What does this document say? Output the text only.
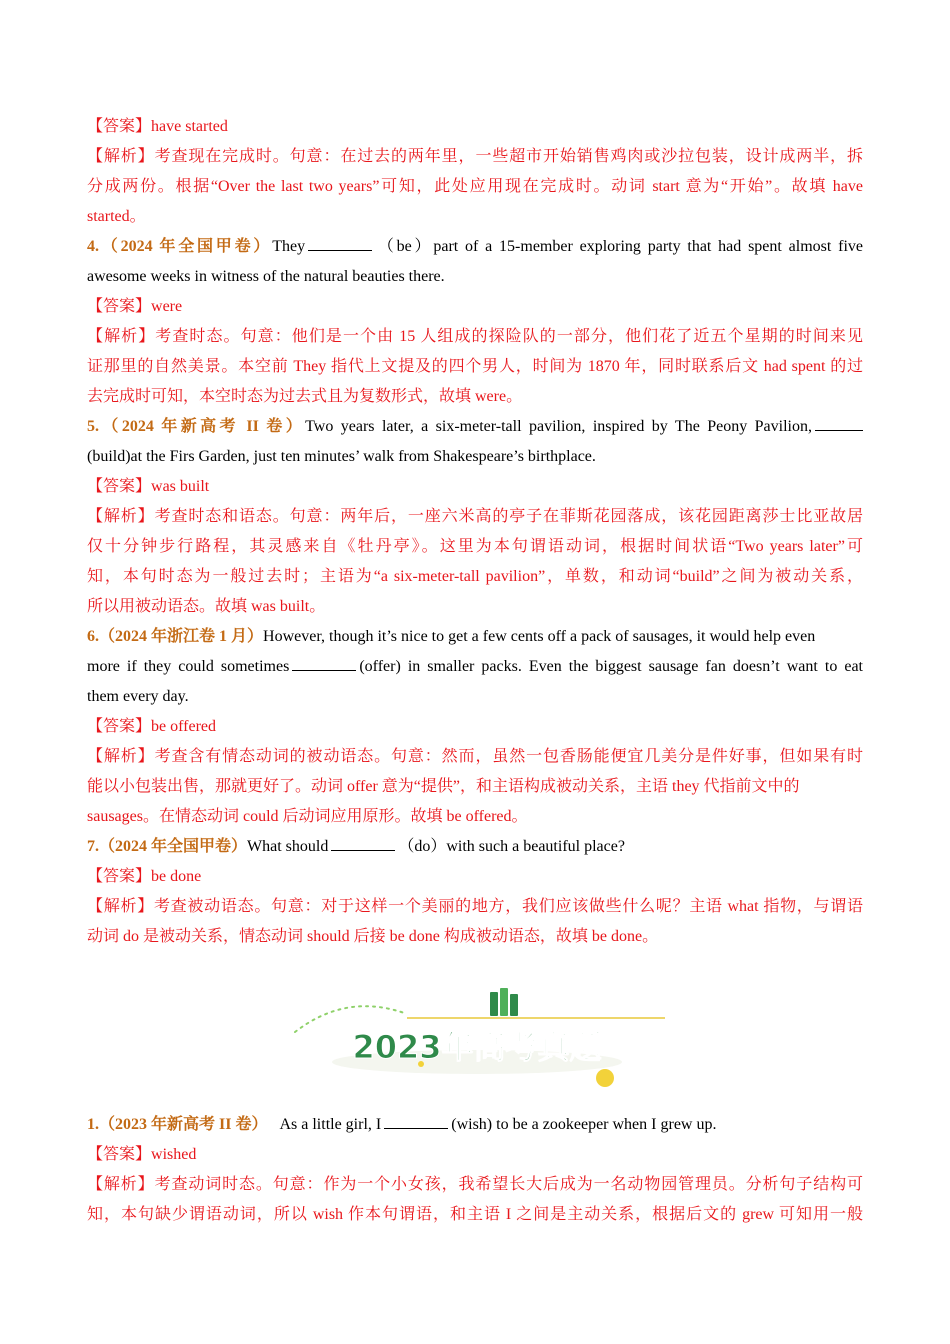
【答案】have started
【解析】考查现在完成时。句意：在过去的两年里，一些超市开始销售鸡肉或沙拉包装，设计成两半，拆
分成两份。根据“Over the last two years”可知，此处应用现在完成时。动词 start 意为“开始”。故填 have
started。
4.（2024 年全国甲卷）They	（be）part of a 15-member exploring party that had spent almost five
awesome weeks in witness of the natural beauties there.
【答案】were
【解析】考查时态。句意：他们是一个由 15 人组成的探险队的一部分，他们花了近五个星期的时间来见
证那里的自然美景。本空前 They 指代上文提及的四个男人，时间为 1870 年，同时联系后文 had spent 的过
去完成时可知，本空时态为过去式且为复数形式，故填 were。
5.（2024 年新高考 II 卷）Two years later, a six-meter-tall pavilion, inspired by The Peony Pavilion,
(build)at the Firs Garden, just ten minutes’ walk from Shakespeare’s birthplace.
【答案】was built
【解析】考查时态和语态。句意：两年后，一座六米高的亭子在菲斯花园落成，该花园距离莎士比亚故居
仅十分钟步行路程，其灵感来自《牡丹亭》。这里为本句谓语动词，根据时间状语“Two years later”可
知，本句时态为一般过去时；主语为“a six-meter-tall pavilion”，单数，和动词“build”之间为被动关系，
所以用被动语态。故填 was built。
6.（2024 年浙江卷 1 月）However, though it’s nice to get a few cents off a pack of sausages, it would help even
more if they could sometimes	(offer) in smaller packs. Even the biggest sausage fan doesn’t want to eat
them every day.
【答案】be offered
【解析】考查含有情态动词的被动语态。句意：然而，虽然一包香肠能便宜几美分是件好事，但如果有时
能以小包装出售，那就更好了。动词 offer 意为“提供”，和主语构成被动关系，主语 they 代指前文中的
sausages。在情态动词 could 后动词应用原形。故填 be offered。
7.（2024 年全国甲卷）What should	（do）with such a beautiful place?
【答案】be done
【解析】考查被动语态。句意：对于这样一个美丽的地方，我们应该做些什么呢？主语 what 指物，与谓语
动词 do 是被动关系，情态动词 should 后接 be done 构成被动语态，故填 be done。
2023年高考真题
1.（2023 年新高考 II 卷） As a little girl, I	(wish) to be a zookeeper when I grew up.
【答案】wished
【解析】考查动词时态。句意：作为一个小女孩，我希望长大后成为一名动物园管理员。分析句子结构可
知，本句缺少谓语动词，所以 wish 作本句谓语，和主语 I 之间是主动关系，根据后文的 grew 可知用一般
